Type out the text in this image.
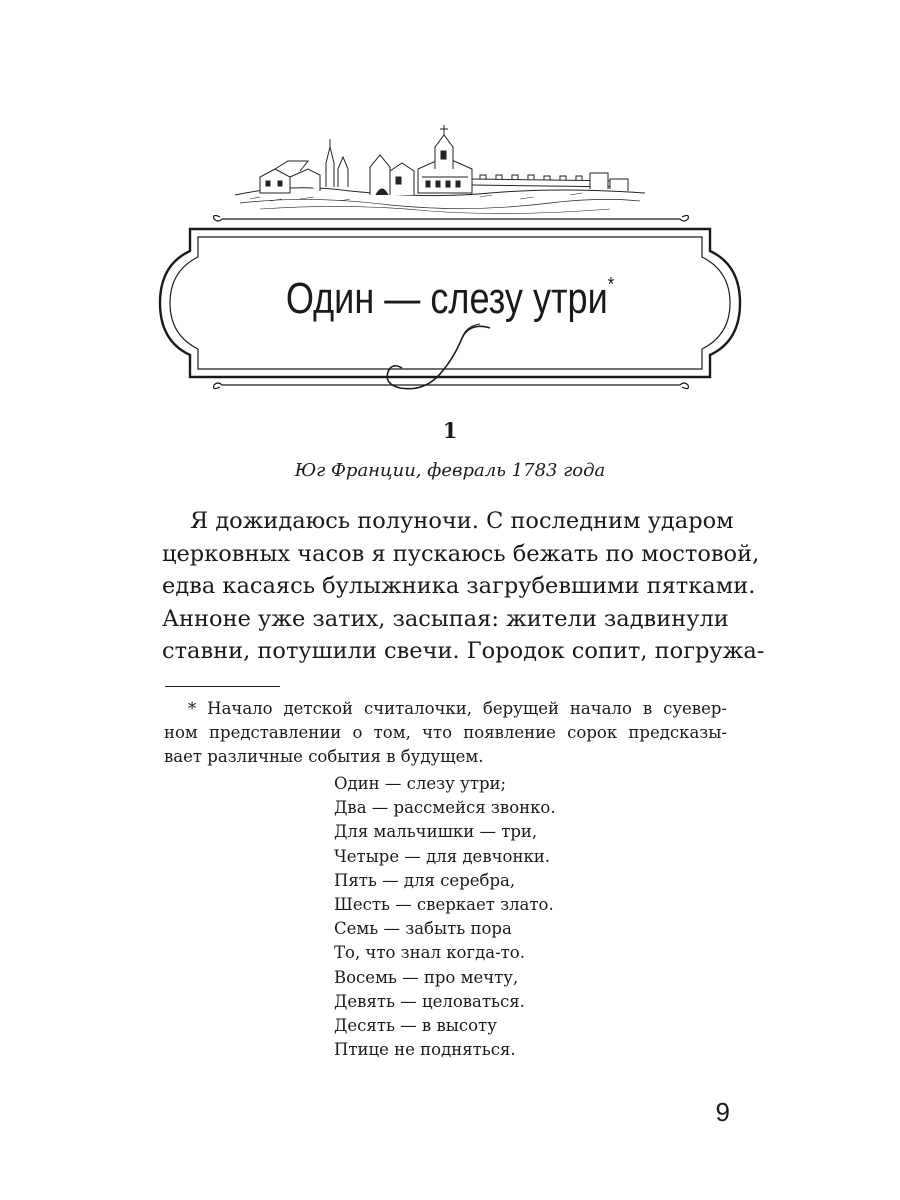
Один — слезу утри*
1
Юг Франции, февраль 1783 года
Я дожидаюсь полуночи. С последним ударом
церковных часов я пускаюсь бежать по мостовой,
едва касаясь булыжника загрубевшими пятками.
Анноне уже затих, засыпая: жители задвинули
ставни, потушили свечи. Городок сопит, погружа-
* Начало детской считалочки, берущей начало в суевер-
ном представлении о том, что появление сорок предсказы-
вает различные события в будущем.
Один — слезу утри;
Два — рассмейся звонко.
Для мальчишки — три,
Четыре — для девчонки.
Пять — для серебра,
Шесть — сверкает злато.
Семь — забыть пора
То, что знал когда-то.
Восемь — про мечту,
Девять — целоваться.
Десять — в высоту
Птице не подняться.
9
